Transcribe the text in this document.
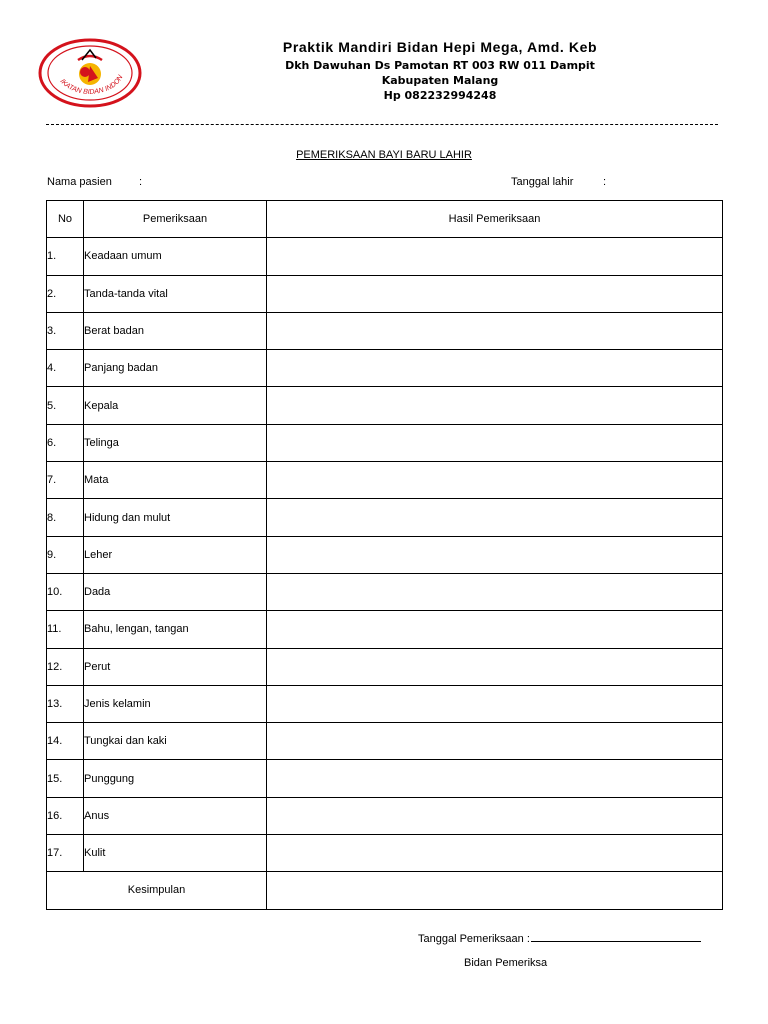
IKATAN BIDAN INDON
Praktik Mandiri Bidan Hepi Mega, Amd. Keb
Dkh Dawuhan Ds Pamotan RT 003 RW 011 Dampit
Kabupaten Malang
Hp 082232994248
PEMERIKSAAN BAYI BARU LAHIR
Nama pasien :	Tanggal lahir	:
No	Pemeriksaan	Hasil Pemeriksaan
1.	Keadaan umum	
2.	Tanda-tanda vital	
3.	Berat badan	
4.	Panjang badan	
5.	Kepala	
6.	Telinga	
7.	Mata	
8.	Hidung dan mulut	
9.	Leher	
10.	Dada	
11.	Bahu, lengan, tangan	
12.	Perut	
13.	Jenis kelamin	
14.	Tungkai dan kaki	
15.	Punggung	
16.	Anus	
17.	Kulit	
Kesimpulan		
Tanggal Pemeriksaan :
Bidan Pemeriksa
